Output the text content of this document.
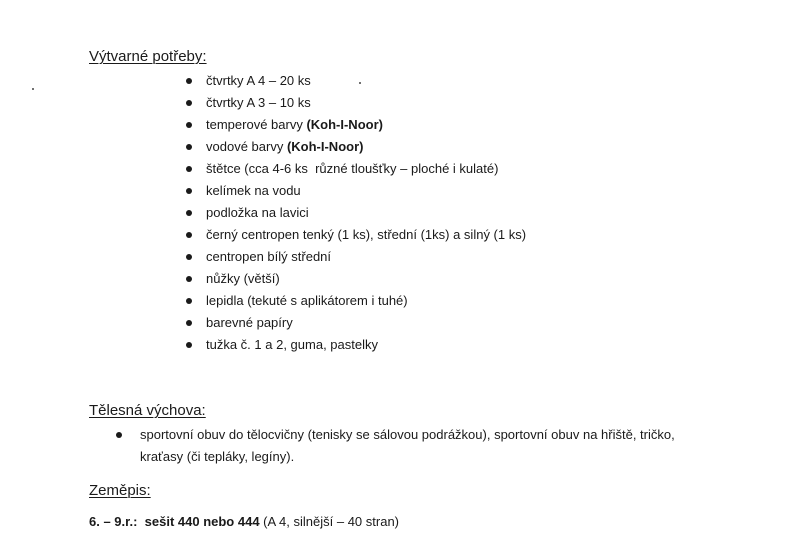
Výtvarné potřeby:
čtvrtky A 4 – 20 ks
čtvrtky A 3 – 10 ks
temperové barvy (Koh-I-Noor)
vodové barvy (Koh-I-Noor)
štětce (cca 4-6 ks  různé tloušťky – ploché i kulaté)
kelímek na vodu
podložka na lavici
černý centropen tenký (1 ks), střední (1ks) a silný (1 ks)
centropen bílý střední
nůžky (větší)
lepidla (tekuté s aplikátorem i tuhé)
barevné papíry
tužka č. 1 a 2, guma, pastelky
Tělesná výchova:
sportovní obuv do tělocvičny (tenisky se sálovou podrážkou), sportovní obuv na hřiště, tričko,
kraťasy (či tepláky, legíny).
Zeměpis:
6. – 9.r.:  sešit 440 nebo 444 (A 4, silnější – 40 stran)
